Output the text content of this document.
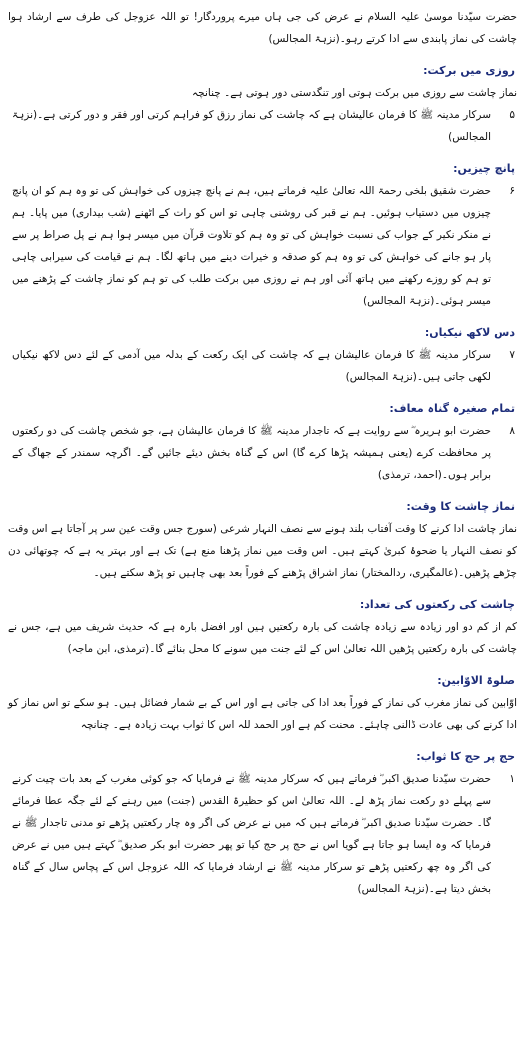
حضرت سیّدنا موسیٰ علیہ السلام نے عرض کی جی ہاں میرے پروردگار! تو اللہ عزوجل کی طرف سے ارشاد ہوا چاشت کی نماز پابندی سے ادا کرتے رہو۔(نزہۃ المجالس)

روزی میں برکت:

نماز چاشت سے روزی میں برکت ہوتی اور تنگدستی دور ہوتی ہے۔ چنانچہ

۵
سرکار مدینہ ﷺ کا فرمان عالیشان ہے کہ چاشت کی نماز رزق کو فراہم کرتی اور فقر و دور کرتی ہے۔(نزہۃ المجالس)

پانچ چیزیں:

۶
حضرت شقیق بلخی رحمۃ اللہ تعالیٰ علیہ فرماتے ہیں، ہم نے پانچ چیزوں کی خواہش کی تو وہ ہم کو ان پانچ چیزوں میں دستیاب ہوئیں۔ ہم نے قبر کی روشنی چاہی تو اس کو رات کے اٹھنے (شب بیداری) میں پایا۔ ہم نے منکر نکیر کے جواب کی نسبت خواہش کی تو وہ ہم کو تلاوت قرآن میں میسر ہوا ہم نے پل صراط پر سے پار ہو جانے کی خواہش کی تو وہ ہم کو صدقہ و خیرات دینے میں ہاتھ لگا۔ ہم نے قیامت کی سیرابی چاہی تو ہم کو روزے رکھنے میں ہاتھ آئی اور ہم نے روزی میں برکت طلب کی تو ہم کو نماز چاشت کے پڑھنے میں میسر ہوئی۔(نزہۃ المجالس)

دس لاکھ نیکیاں:

۷
سرکار مدینہ ﷺ کا فرمان عالیشان ہے کہ چاشت کی ایک رکعت کے بدلہ میں آدمی کے لئے دس لاکھ نیکیاں لکھی جاتی ہیں۔(نزہۃ المجالس)

تمام صغیرہ گناہ معاف:

۸
حضرت ابو ہریرہ ؓ سے روایت ہے کہ تاجدار مدینہ ﷺ کا فرمان عالیشان ہے، جو شخص چاشت کی دو رکعتوں پر محافظت کرے (یعنی ہمیشہ پڑھا کرے گا) اس کے گناہ بخش دیئے جائیں گے۔ اگرچہ سمندر کے جھاگ کے برابر ہوں۔(احمد، ترمذی)

نماز چاشت کا وقت:

نماز چاشت ادا کرنے کا وقت آفتاب بلند ہونے سے نصف النہار شرعی (سورج جس وقت عین سر پر آجاتا ہے اس وقت کو نصف النہار یا ضحوۂ کبریٰ کہتے ہیں۔ اس وقت میں نماز پڑھنا منع ہے) تک ہے اور بہتر یہ ہے کہ چوتھائی دن چڑھے پڑھیں۔(عالمگیری، ردالمختار) نماز اشراق پڑھنے کے فوراً بعد بھی چاہیں تو پڑھ سکتے ہیں۔

چاشت کی رکعتوں کی تعداد:

کم از کم دو اور زیادہ سے زیادہ چاشت کی بارہ رکعتیں ہیں اور افضل بارہ ہے کہ حدیث شریف میں ہے، جس نے چاشت کی بارہ رکعتیں پڑھیں اللہ تعالیٰ اس کے لئے جنت میں سونے کا محل بنائے گا۔(ترمذی، ابن ماجہ)

صلوۃ الاوّابین:

اوّابین کی نماز مغرب کی نماز کے فوراً بعد ادا کی جاتی ہے اور اس کے بے شمار فضائل ہیں۔ ہو سکے تو اس نماز کو ادا کرنے کی بھی عادت ڈالنی چاہئے۔ محنت کم ہے اور الحمد للہ اس کا ثواب بہت زیادہ ہے۔ چنانچہ

حج پر حج کا ثواب:

۱
حضرت سیّدنا صدیق اکبر ؓ فرماتے ہیں کہ سرکار مدینہ ﷺ نے فرمایا کہ جو کوئی مغرب کے بعد بات چیت کرنے سے پہلے دو رکعت نماز پڑھ لے۔ اللہ تعالیٰ اس کو حظیرۃ القدس (جنت) میں رہنے کے لئے جگہ عطا فرمائے گا۔ حضرت سیّدنا صدیق اکبر ؓ فرماتے ہیں کہ میں نے عرض کی اگر وہ چار رکعتیں پڑھے تو مدنی تاجدار ﷺ نے فرمایا کہ وہ ایسا ہو جاتا ہے گویا اس نے حج پر حج کیا تو پھر حضرت ابو بکر صدیق ؓ کہتے ہیں میں نے عرض کی اگر وہ چھ رکعتیں پڑھے تو سرکار مدینہ ﷺ نے ارشاد فرمایا کہ اللہ عزوجل اس کے پچاس سال کے گناہ بخش دیتا ہے۔(نزہۃ المجالس)
